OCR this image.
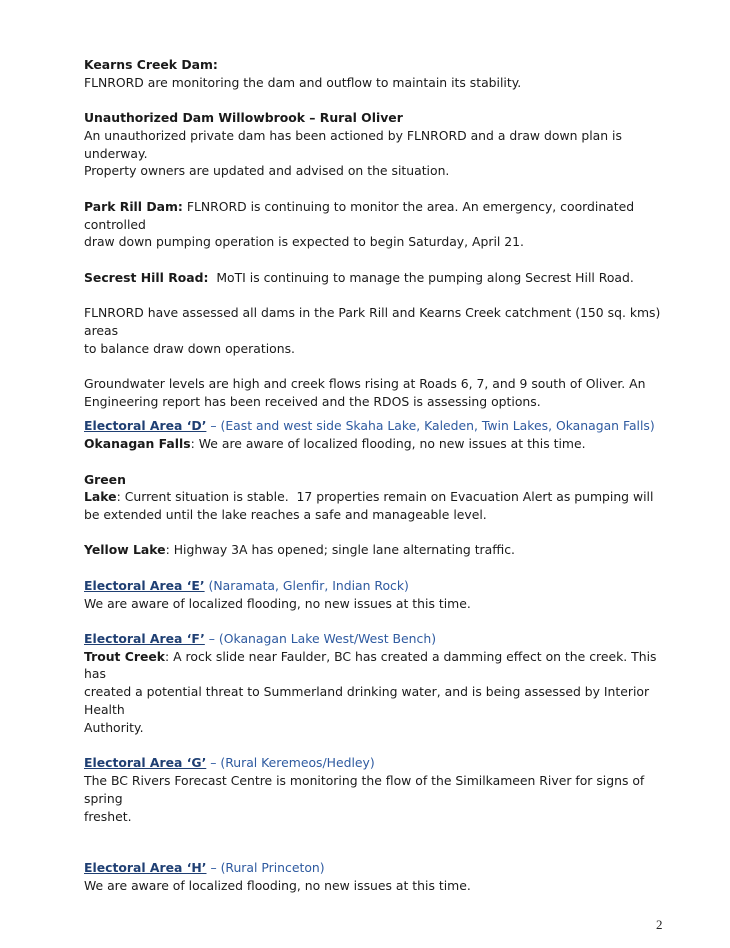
Kearns Creek Dam:

FLNRORD are monitoring the dam and outflow to maintain its stability.

Unauthorized Dam Willowbrook – Rural Oliver

An unauthorized private dam has been actioned by FLNRORD and a draw down plan is underway.

Property owners are updated and advised on the situation.

Park Rill Dam: FLNRORD is continuing to monitor the area. An emergency, coordinated controlled

draw down pumping operation is expected to begin Saturday, April 21.

Secrest Hill Road:  MoTI is continuing to manage the pumping along Secrest Hill Road.

FLNRORD have assessed all dams in the Park Rill and Kearns Creek catchment (150 sq. kms) areas

to balance draw down operations.

Groundwater levels are high and creek flows rising at Roads 6, 7, and 9 south of Oliver. An

Engineering report has been received and the RDOS is assessing options.

Electoral Area ‘D’ – (East and west side Skaha Lake, Kaleden, Twin Lakes, Okanagan Falls)

Okanagan Falls: We are aware of localized flooding, no new issues at this time.

Green Lake: Current situation is stable.  17 properties remain on Evacuation Alert as pumping will

be extended until the lake reaches a safe and manageable level.

Yellow Lake: Highway 3A has opened; single lane alternating traffic.

Electoral Area ‘E’ (Naramata, Glenfir, Indian Rock)

We are aware of localized flooding, no new issues at this time.

Electoral Area ‘F’ – (Okanagan Lake West/West Bench)

Trout Creek: A rock slide near Faulder, BC has created a damming effect on the creek. This has

created a potential threat to Summerland drinking water, and is being assessed by Interior Health

Authority.

Electoral Area ‘G’ – (Rural Keremeos/Hedley)

The BC Rivers Forecast Centre is monitoring the flow of the Similkameen River for signs of spring

freshet.

Electoral Area ‘H’ – (Rural Princeton)

We are aware of localized flooding, no new issues at this time.

2
